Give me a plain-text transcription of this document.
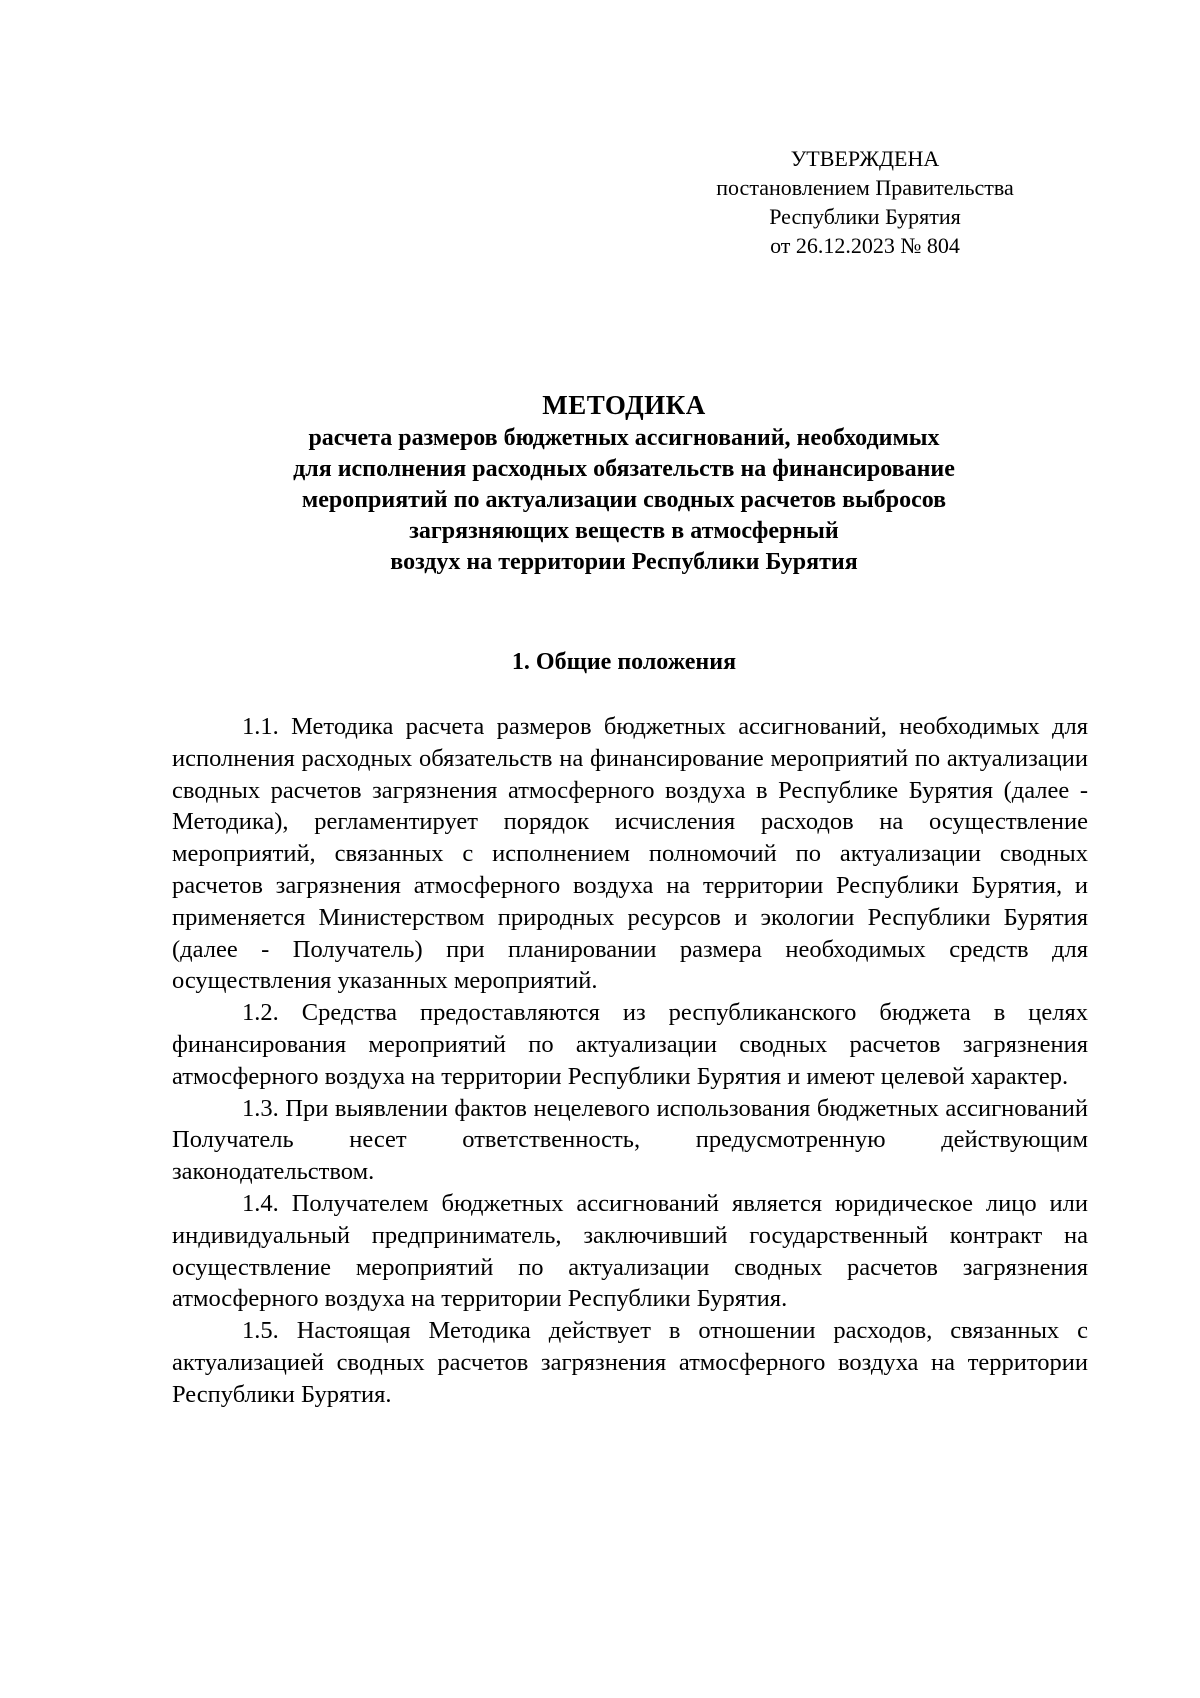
УТВЕРЖДЕНА
постановлением Правительства
Республики Бурятия
от 26.12.2023 № 804
МЕТОДИКА
расчета размеров бюджетных ассигнований, необходимых
для исполнения расходных обязательств на финансирование
мероприятий по актуализации сводных расчетов выбросов
загрязняющих веществ в атмосферный
воздух на территории Республики Бурятия
1. Общие положения

1.1. Методика расчета размеров бюджетных ассигнований, необходимых для исполнения расходных обязательств на финансирование мероприятий по актуализации сводных расчетов загрязнения атмосферного воздуха в Республике Бурятия (далее - Методика), регламентирует порядок исчисления расходов на осуществление мероприятий, связанных с исполнением полномочий по актуализации сводных расчетов загрязнения атмосферного воздуха на территории Республики Бурятия, и применяется Министерством природных ресурсов и экологии Республики Бурятия (далее - Получатель) при планировании размера необходимых средств для осуществления указанных мероприятий.

1.2. Средства предоставляются из республиканского бюджета в целях финансирования мероприятий по актуализации сводных расчетов загрязнения атмосферного воздуха на территории Республики Бурятия и имеют целевой характер.

1.3. При выявлении фактов нецелевого использования бюджетных ассигнований Получатель несет ответственность, предусмотренную действующим законодательством.

1.4. Получателем бюджетных ассигнований является юридическое лицо или индивидуальный предприниматель, заключивший государственный контракт на осуществление мероприятий по актуализации сводных расчетов загрязнения атмосферного воздуха на территории Республики Бурятия.

1.5. Настоящая Методика действует в отношении расходов, связанных с актуализацией сводных расчетов загрязнения атмосферного воздуха на территории Республики Бурятия.
